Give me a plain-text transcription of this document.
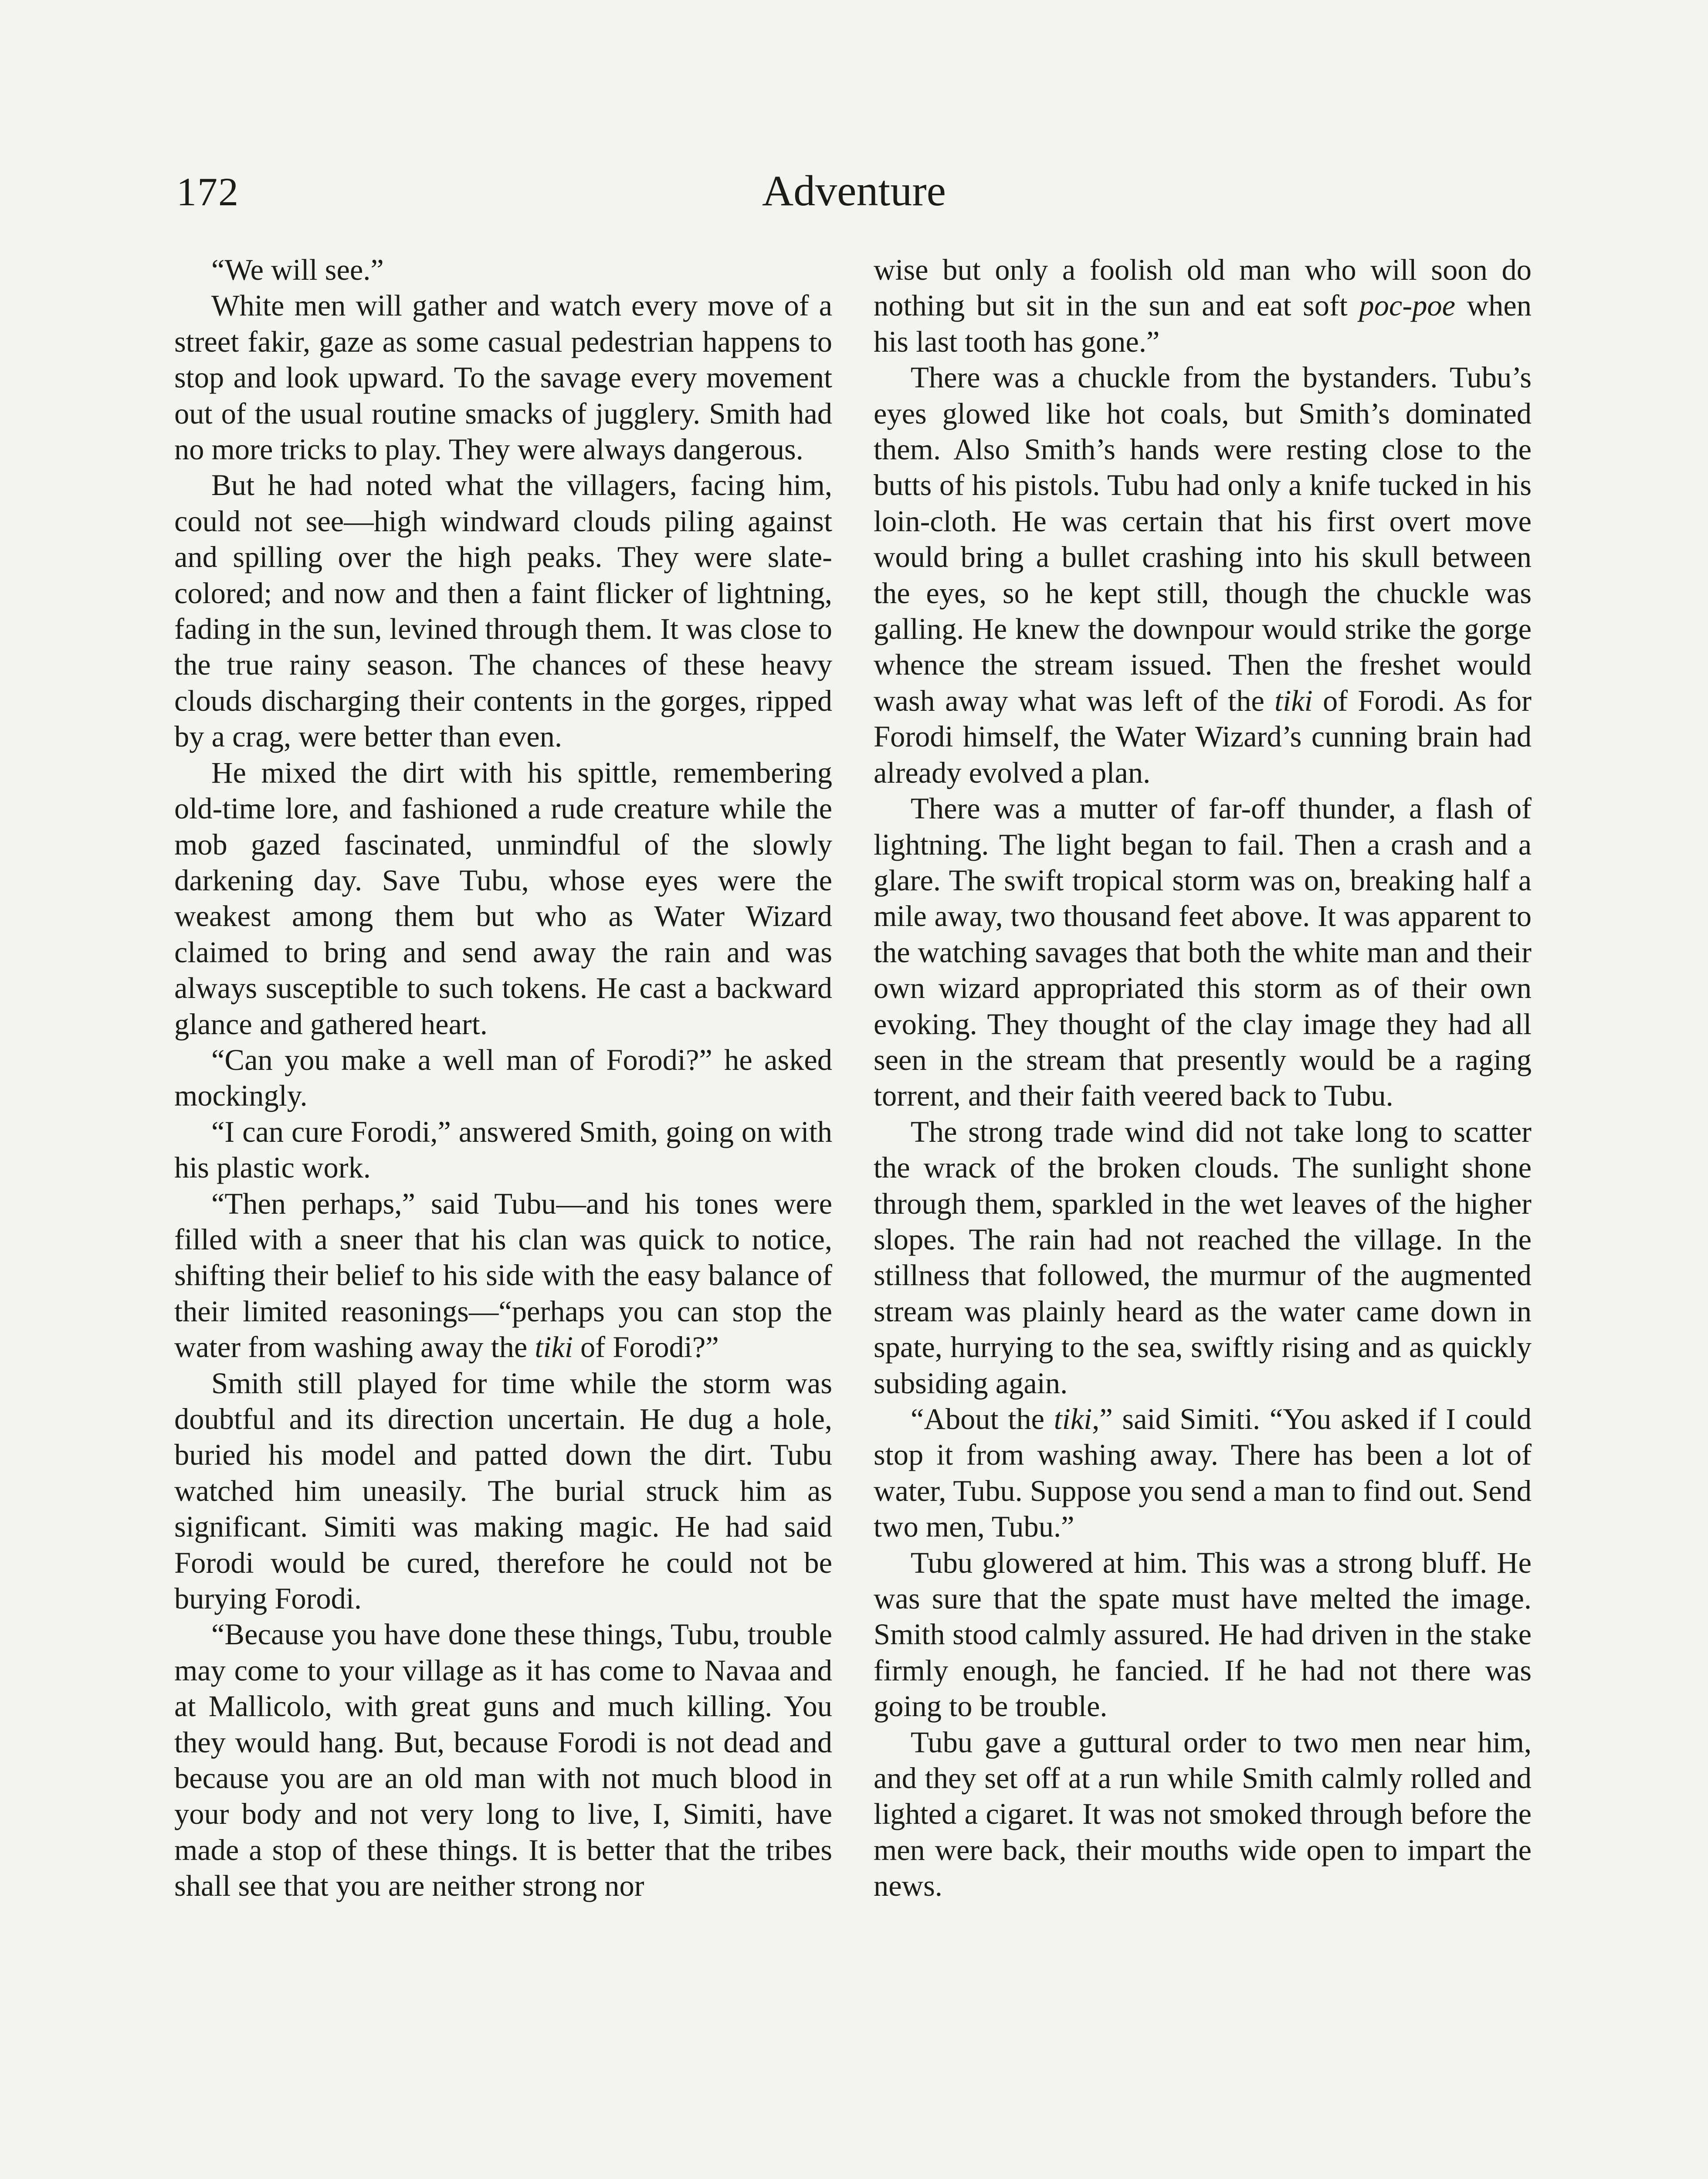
172	Adventure

“We will see.”

White men will gather and watch every move of a street fakir, gaze as some casual pedestrian happens to stop and look upward. To the savage every movement out of the usual routine smacks of jugglery. Smith had no more tricks to play. They were always dangerous.

But he had noted what the villagers, facing him, could not see—high windward clouds piling against and spilling over the high peaks. They were slate-colored; and now and then a faint flicker of lightning, fading in the sun, levined through them. It was close to the true rainy season. The chances of these heavy clouds discharging their contents in the gorges, ripped by a crag, were better than even.

He mixed the dirt with his spittle, remembering old-time lore, and fashioned a rude creature while the mob gazed fascinated, unmindful of the slowly darkening day. Save Tubu, whose eyes were the weakest among them but who as Water Wizard claimed to bring and send away the rain and was always susceptible to such tokens. He cast a backward glance and gathered heart.

“Can you make a well man of Forodi?” he asked mockingly.

“I can cure Forodi,” answered Smith, going on with his plastic work.

“Then perhaps,” said Tubu—and his tones were filled with a sneer that his clan was quick to notice, shifting their belief to his side with the easy balance of their limited reasonings—“perhaps you can stop the water from washing away the tiki of Forodi?”

Smith still played for time while the storm was doubtful and its direction uncertain. He dug a hole, buried his model and patted down the dirt. Tubu watched him uneasily. The burial struck him as significant. Simiti was making magic. He had said Forodi would be cured, therefore he could not be burying Forodi.

“Because you have done these things, Tubu, trouble may come to your village as it has come to Navaa and at Mallicolo, with great guns and much killing. You they would hang. But, because Forodi is not dead and because you are an old man with not much blood in your body and not very long to live, I, Simiti, have made a stop of these things. It is better that the tribes shall see that you are neither strong nor

wise but only a foolish old man who will soon do nothing but sit in the sun and eat soft poc-poe when his last tooth has gone.”

There was a chuckle from the bystanders. Tubu’s eyes glowed like hot coals, but Smith’s dominated them. Also Smith’s hands were resting close to the butts of his pistols. Tubu had only a knife tucked in his loin-cloth. He was certain that his first overt move would bring a bullet crashing into his skull between the eyes, so he kept still, though the chuckle was galling. He knew the downpour would strike the gorge whence the stream issued. Then the freshet would wash away what was left of the tiki of Forodi. As for Forodi himself, the Water Wizard’s cunning brain had already evolved a plan.

There was a mutter of far-off thunder, a flash of lightning. The light began to fail. Then a crash and a glare. The swift tropical storm was on, breaking half a mile away, two thousand feet above. It was apparent to the watching savages that both the white man and their own wizard appropriated this storm as of their own evoking. They thought of the clay image they had all seen in the stream that presently would be a raging torrent, and their faith veered back to Tubu.

The strong trade wind did not take long to scatter the wrack of the broken clouds. The sunlight shone through them, sparkled in the wet leaves of the higher slopes. The rain had not reached the village. In the stillness that followed, the murmur of the augmented stream was plainly heard as the water came down in spate, hurrying to the sea, swiftly rising and as quickly subsiding again.

“About the tiki,” said Simiti. “You asked if I could stop it from washing away. There has been a lot of water, Tubu. Suppose you send a man to find out. Send two men, Tubu.”

Tubu glowered at him. This was a strong bluff. He was sure that the spate must have melted the image. Smith stood calmly assured. He had driven in the stake firmly enough, he fancied. If he had not there was going to be trouble.

Tubu gave a guttural order to two men near him, and they set off at a run while Smith calmly rolled and lighted a cigaret. It was not smoked through before the men were back, their mouths wide open to impart the news.
